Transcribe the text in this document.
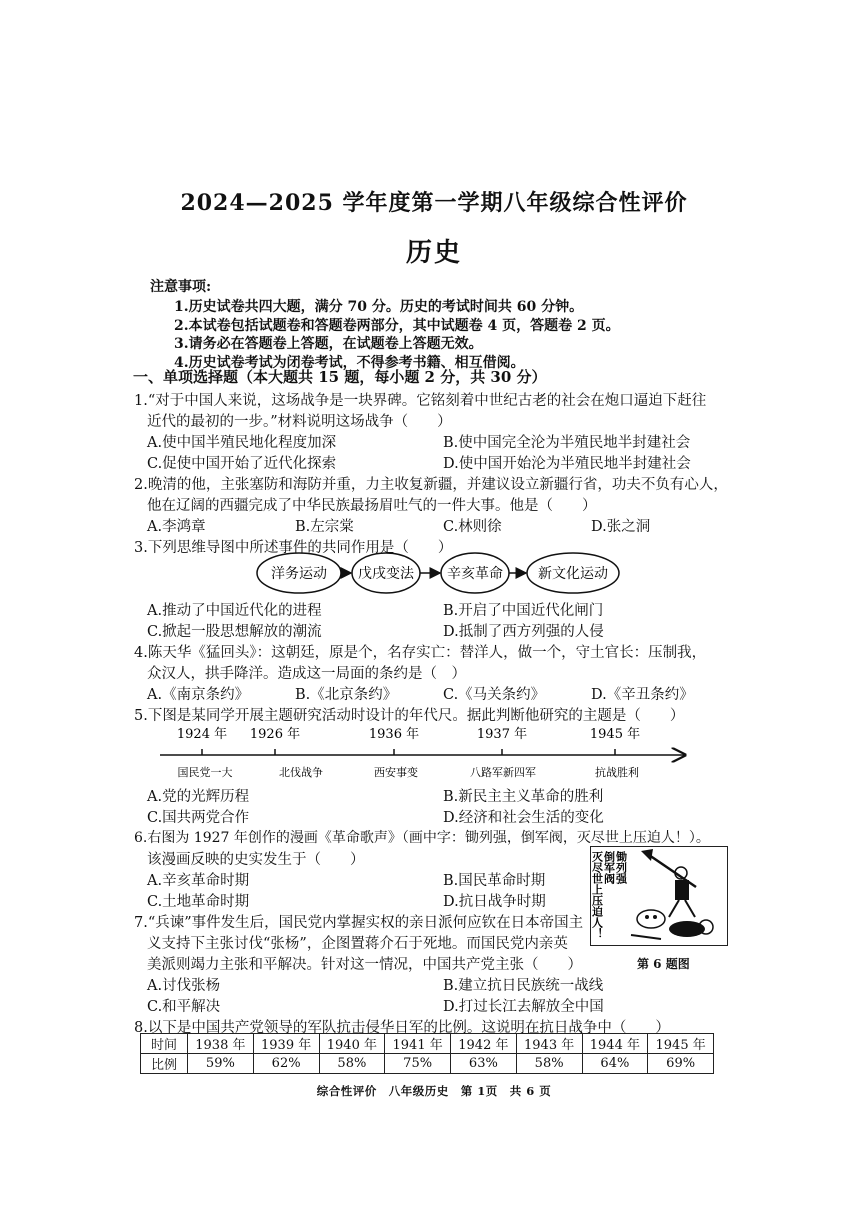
2024—2025 学年度第一学期八年级综合性评价
历史
注意事项:
1.历史试卷共四大题，满分 70 分。历史的考试时间共 60 分钟。
2.本试卷包括试题卷和答题卷两部分，其中试题卷 4 页，答题卷 2 页。
3.请务必在答题卷上答题，在试题卷上答题无效。
4.历史试卷考试为闭卷考试，不得参考书籍、相互借阅。
一、单项选择题（本大题共 15 题，每小题 2 分，共 30 分）
1.“对于中国人来说，这场战争是一块界碑。它铭刻着中世纪古老的社会在炮口逼迫下赶往
近代的最初的一步。”材料说明这场战争（　　）
A.使中国半殖民地化程度加深	B.使中国完全沦为半殖民地半封建社会
C.促使中国开始了近代化探索	D.使中国开始沦为半殖民地半封建社会
2.晚清的他，主张塞防和海防并重，力主收复新疆，并建议设立新疆行省，功夫不负有心人，
他在辽阔的西疆完成了中华民族最扬眉吐气的一件大事。他是（　　）
A.李鸿章	B.左宗棠	C.林则徐	D.张之洞
3.下列思维导图中所述事件的共同作用是（　　）
洋务运动 戊戌变法 辛亥革命	新文化运动
A.推动了中国近代化的进程	B.开启了中国近代化闸门
C.掀起一股思想解放的潮流	D.抵制了西方列强的人侵
4.陈天华《猛回头》：这朝廷，原是个，名存实亡：替洋人，做一个，守土官长：压制我，
众汉人，拱手降洋。造成这一局面的条约是（　）
A.《南京条约》	B.《北京条约》	C.《马关条约》	D.《辛丑条约》
5.下图是某同学开展主题研究活动时设计的年代尺。据此判断他研究的主题是（　　）
1924 年 1926 年	1936 年	1937 年	1945 年
国民党一大	北伐战争	西安事变	八路军新四军	抗战胜利
A.党的光辉历程	B.新民主主义革命的胜利
C.国共两党合作	D.经济和社会生活的变化
6.右图为 1927 年创作的漫画《革命歌声》（画中字：锄列强，倒军阀，灭尽世上压迫人！）。
该漫画反映的史实发生于（　　）
A.辛亥革命时期	B.国民革命时期
C.土地革命时期	D.抗日战争时期
锄列强
倒军阀
灭尽世上压迫人！
7.“兵谏”事件发生后，国民党内掌握实权的亲日派何应钦在日本帝国主
义支持下主张讨伐“张杨”，企图置蒋介石于死地。而国民党内亲英
美派则竭力主张和平解决。针对这一情况，中国共产党主张（　　）	第 6 题图
A.讨伐张杨	B.建立抗日民族统一战线
C.和平解决	D.打过长江去解放全中国
8.以下是中国共产党领导的军队抗击侵华日军的比例。这说明在抗日战争中（　　）
时间	1938 年	1939 年	1940 年	1941 年	1942 年	1943 年	1944 年	1945 年
比例	59%	62%	58%	75%	63%	58%	64%	69%
综合性评价　八年级历史　第 1页　共 6 页
